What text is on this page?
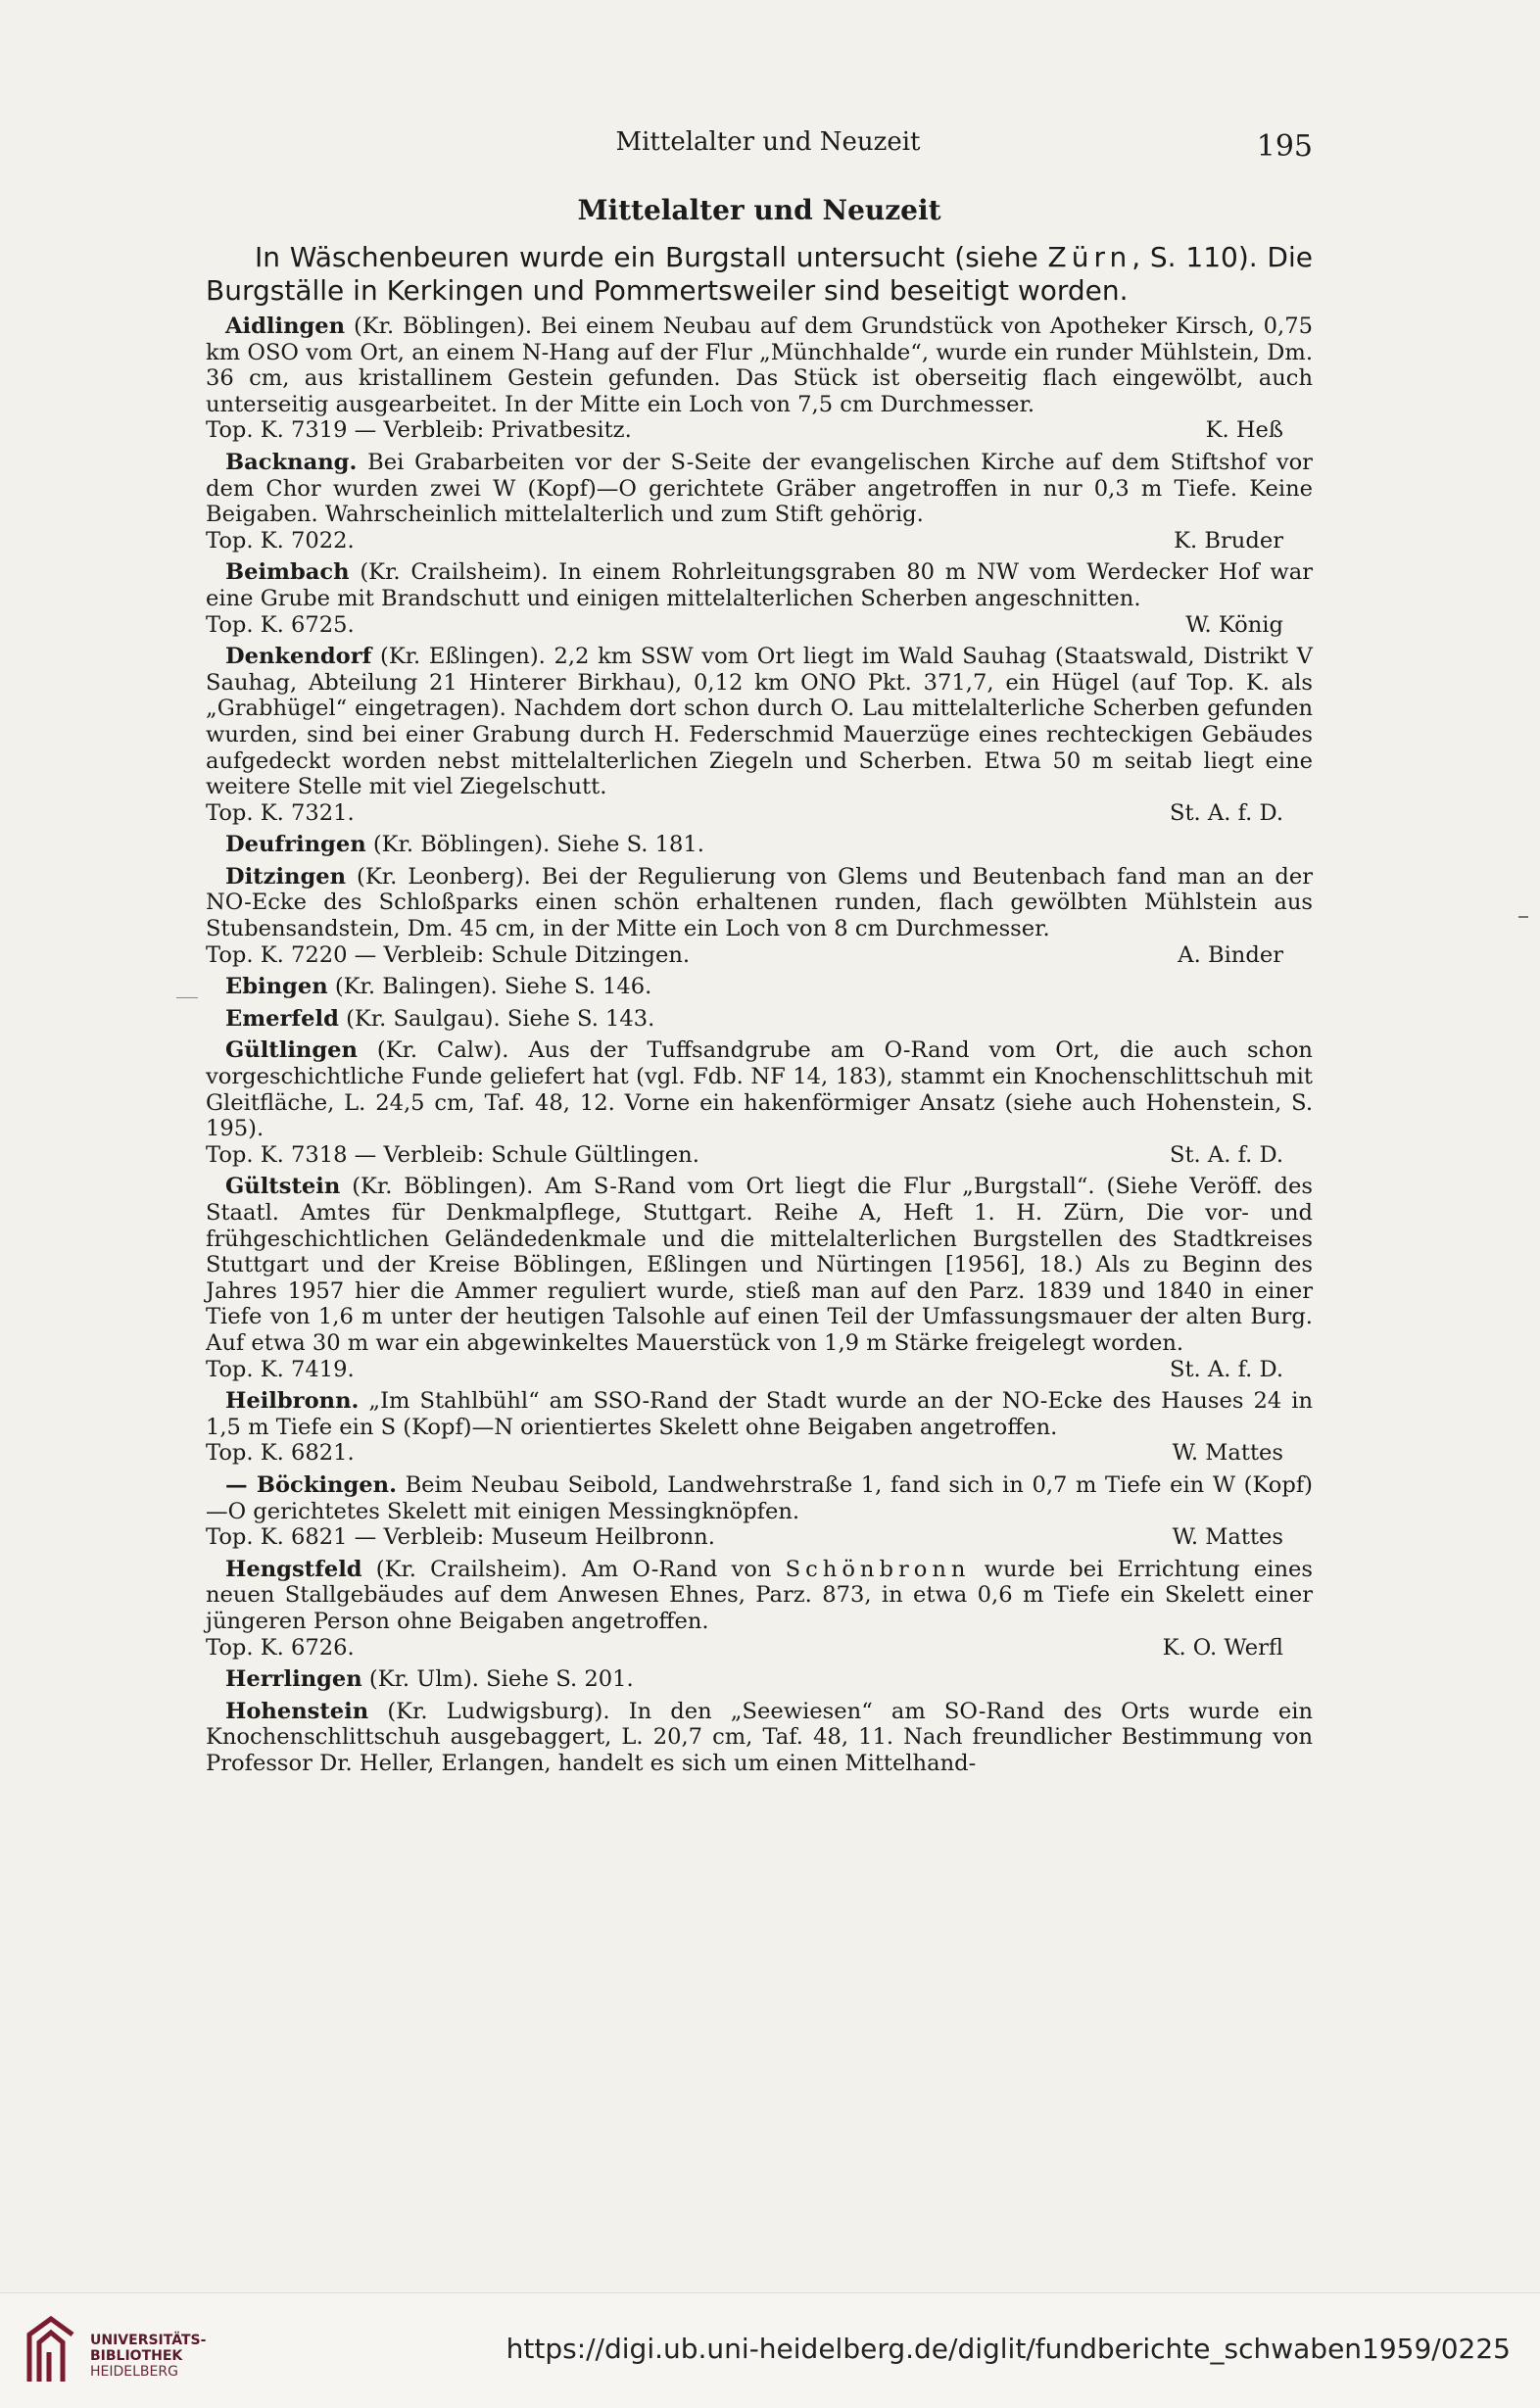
Mittelalter und Neuzeit	195
Mittelalter und Neuzeit

In Wäschenbeuren wurde ein Burgstall untersucht (siehe Zürn, S. 110). Die Burgställe in Kerkingen und Pommertsweiler sind beseitigt worden.

Aidlingen (Kr. Böblingen). Bei einem Neubau auf dem Grundstück von Apotheker Kirsch, 0,75 km OSO vom Ort, an einem N-Hang auf der Flur „Münchhalde“, wurde ein runder Mühlstein, Dm. 36 cm, aus kristallinem Gestein gefunden. Das Stück ist oberseitig flach eingewölbt, auch unterseitig ausgearbeitet. In der Mitte ein Loch von 7,5 cm Durchmesser.

Top. K. 7319 — Verbleib: Privatbesitz.	K. Heß

Backnang. Bei Grabarbeiten vor der S-Seite der evangelischen Kirche auf dem Stiftshof vor dem Chor wurden zwei W (Kopf)—O gerichtete Gräber angetroffen in nur 0,3 m Tiefe. Keine Beigaben. Wahrscheinlich mittelalterlich und zum Stift gehörig.

Top. K. 7022.	K. Bruder

Beimbach (Kr. Crailsheim). In einem Rohrleitungsgraben 80 m NW vom Werdecker Hof war eine Grube mit Brandschutt und einigen mittelalterlichen Scherben angeschnitten.

Top. K. 6725.	W. König

Denkendorf (Kr. Eßlingen). 2,2 km SSW vom Ort liegt im Wald Sauhag (Staatswald, Distrikt V Sauhag, Abteilung 21 Hinterer Birkhau), 0,12 km ONO Pkt. 371,7, ein Hügel (auf Top. K. als „Grabhügel“ eingetragen). Nachdem dort schon durch O. Lau mittelalterliche Scherben gefunden wurden, sind bei einer Grabung durch H. Federschmid Mauerzüge eines rechteckigen Gebäudes aufgedeckt worden nebst mittelalterlichen Ziegeln und Scherben. Etwa 50 m seitab liegt eine weitere Stelle mit viel Ziegelschutt.

Top. K. 7321.	St. A. f. D.

Deufringen (Kr. Böblingen). Siehe S. 181.

Ditzingen (Kr. Leonberg). Bei der Regulierung von Glems und Beutenbach fand man an der NO-Ecke des Schloßparks einen schön erhaltenen runden, flach gewölbten Mühlstein aus Stubensandstein, Dm. 45 cm, in der Mitte ein Loch von 8 cm Durchmesser.

Top. K. 7220 — Verbleib: Schule Ditzingen.	A. Binder

Ebingen (Kr. Balingen). Siehe S. 146.

Emerfeld (Kr. Saulgau). Siehe S. 143.

Gültlingen (Kr. Calw). Aus der Tuffsandgrube am O-Rand vom Ort, die auch schon vorgeschichtliche Funde geliefert hat (vgl. Fdb. NF 14, 183), stammt ein Knochenschlittschuh mit Gleitfläche, L. 24,5 cm, Taf. 48, 12. Vorne ein hakenförmiger Ansatz (siehe auch Hohenstein, S. 195).

Top. K. 7318 — Verbleib: Schule Gültlingen.	St. A. f. D.

Gültstein (Kr. Böblingen). Am S-Rand vom Ort liegt die Flur „Burgstall“. (Siehe Veröff. des Staatl. Amtes für Denkmalpflege, Stuttgart. Reihe A, Heft 1. H. Zürn, Die vor- und frühgeschichtlichen Geländedenkmale und die mittelalterlichen Burgstellen des Stadtkreises Stuttgart und der Kreise Böblingen, Eßlingen und Nürtingen [1956], 18.) Als zu Beginn des Jahres 1957 hier die Ammer reguliert wurde, stieß man auf den Parz. 1839 und 1840 in einer Tiefe von 1,6 m unter der heutigen Talsohle auf einen Teil der Umfassungsmauer der alten Burg. Auf etwa 30 m war ein abgewinkeltes Mauerstück von 1,9 m Stärke freigelegt worden.

Top. K. 7419.	St. A. f. D.

Heilbronn. „Im Stahlbühl“ am SSO-Rand der Stadt wurde an der NO-Ecke des Hauses 24 in 1,5 m Tiefe ein S (Kopf)—N orientiertes Skelett ohne Beigaben angetroffen.

Top. K. 6821.	W. Mattes

— Böckingen. Beim Neubau Seibold, Landwehrstraße 1, fand sich in 0,7 m Tiefe ein W (Kopf)—O gerichtetes Skelett mit einigen Messingknöpfen.

Top. K. 6821 — Verbleib: Museum Heilbronn.	W. Mattes

Hengstfeld (Kr. Crailsheim). Am O-Rand von Schönbronn wurde bei Errichtung eines neuen Stallgebäudes auf dem Anwesen Ehnes, Parz. 873, in etwa 0,6 m Tiefe ein Skelett einer jüngeren Person ohne Beigaben angetroffen.

Top. K. 6726.	K. O. Werfl

Herrlingen (Kr. Ulm). Siehe S. 201.

Hohenstein (Kr. Ludwigsburg). In den „Seewiesen“ am SO-Rand des Orts wurde ein Knochenschlittschuh ausgebaggert, L. 20,7 cm, Taf. 48, 11. Nach freundlicher Bestimmung von Professor Dr. Heller, Erlangen, handelt es sich um einen Mittelhand-

UNIVERSITÄTS-
BIBLIOTHEK
HEIDELBERG
https://digi.ub.uni-heidelberg.de/diglit/fundberichte_schwaben1959/0225
